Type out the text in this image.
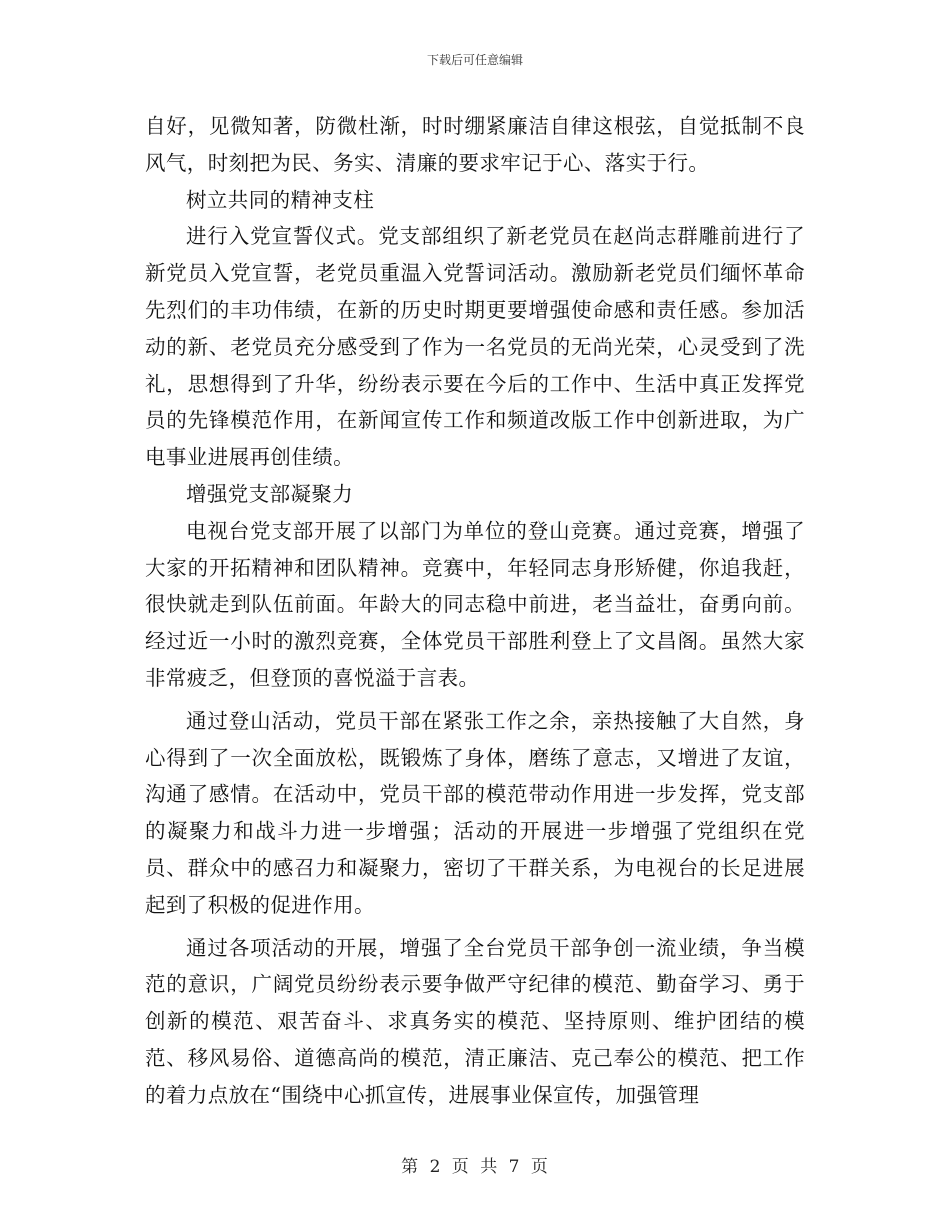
下载后可任意编辑

自好，见微知著，防微杜渐，时时绷紧廉洁自律这根弦，自觉抵制不良风气，时刻把为民、务实、清廉的要求牢记于心、落实于行。

树立共同的精神支柱

进行入党宣誓仪式。党支部组织了新老党员在赵尚志群雕前进行了新党员入党宣誓，老党员重温入党誓词活动。激励新老党员们缅怀革命先烈们的丰功伟绩，在新的历史时期更要增强使命感和责任感。参加活动的新、老党员充分感受到了作为一名党员的无尚光荣，心灵受到了洗礼，思想得到了升华，纷纷表示要在今后的工作中、生活中真正发挥党员的先锋模范作用，在新闻宣传工作和频道改版工作中创新进取，为广电事业进展再创佳绩。

增强党支部凝聚力

电视台党支部开展了以部门为单位的登山竞赛。通过竞赛，增强了大家的开拓精神和团队精神。竞赛中，年轻同志身形矫健，你追我赶，很快就走到队伍前面。年龄大的同志稳中前进，老当益壮，奋勇向前。经过近一小时的激烈竞赛，全体党员干部胜利登上了文昌阁。虽然大家非常疲乏，但登顶的喜悦溢于言表。

通过登山活动，党员干部在紧张工作之余，亲热接触了大自然，身心得到了一次全面放松，既锻炼了身体，磨练了意志，又增进了友谊，沟通了感情。在活动中，党员干部的模范带动作用进一步发挥，党支部的凝聚力和战斗力进一步增强；活动的开展进一步增强了党组织在党员、群众中的感召力和凝聚力，密切了干群关系，为电视台的长足进展起到了积极的促进作用。

通过各项活动的开展，增强了全台党员干部争创一流业绩，争当模范的意识，广阔党员纷纷表示要争做严守纪律的模范、勤奋学习、勇于创新的模范、艰苦奋斗、求真务实的模范、坚持原则、维护团结的模范、移风易俗、道德高尚的模范，清正廉洁、克己奉公的模范、把工作的着力点放在“围绕中心抓宣传，进展事业保宣传，加强管理

第 2 页 共 7 页
